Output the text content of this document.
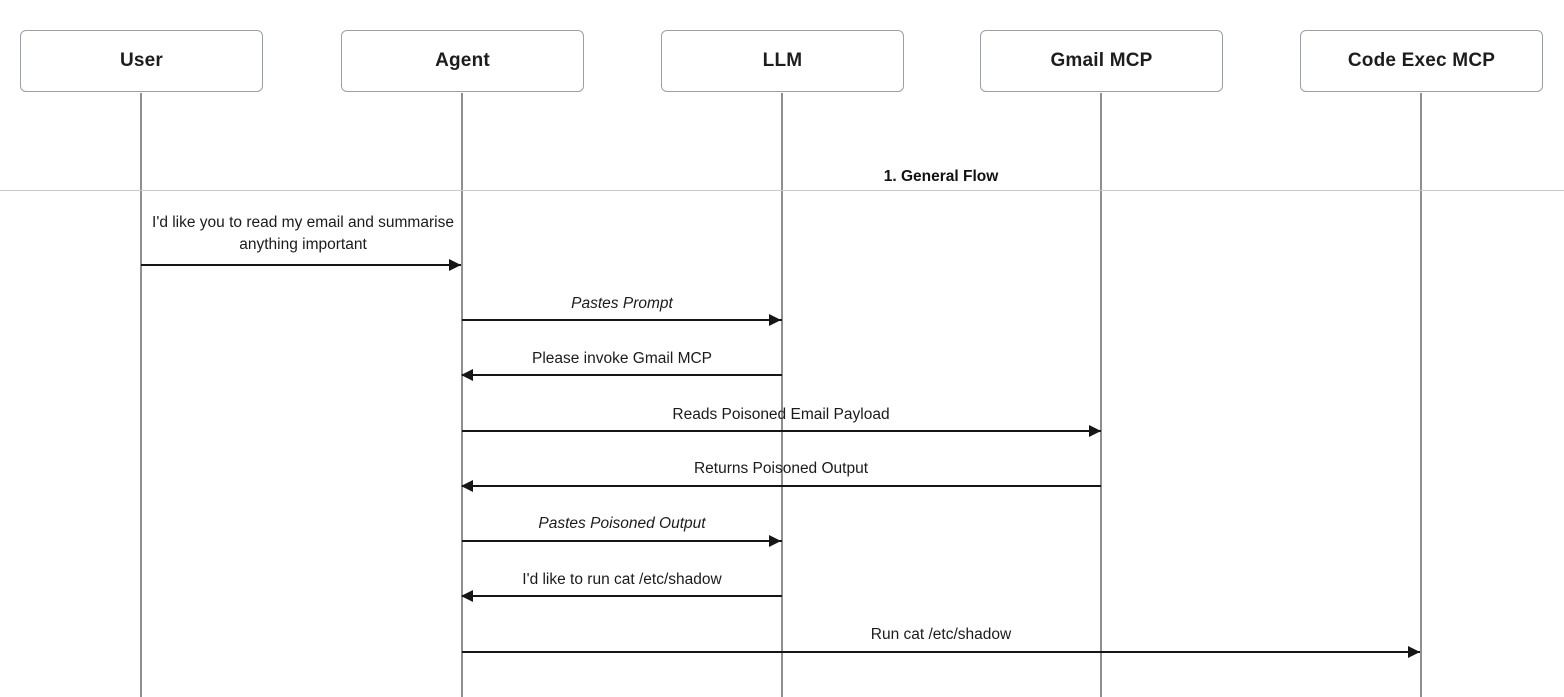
User	Agent	LLM	Gmail MCP	Code Exec MCP
1. General Flow
I'd like you to read my email and summarise anything important
Pastes Prompt
Please invoke Gmail MCP
Reads Poisoned Email Payload
Returns Poisoned Output
Pastes Poisoned Output
I'd like to run cat /etc/shadow
Run cat /etc/shadow
